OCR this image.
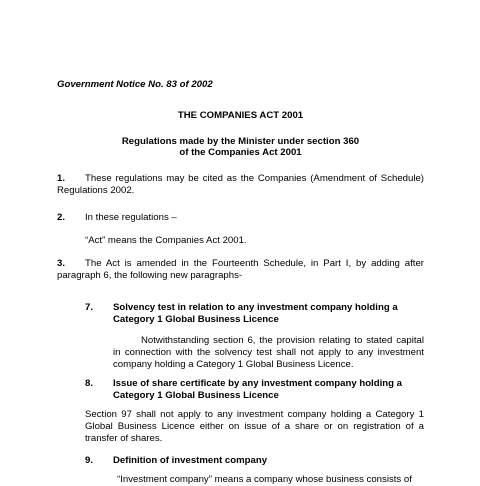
Government Notice No. 83 of 2002
THE COMPANIES ACT 2001
Regulations made by the Minister under section 360
of the Companies Act 2001
1. These regulations may be cited as the Companies (Amendment of Schedule) Regulations 2002.
2. In these regulations –
“Act” means the Companies Act 2001.
3. The Act is amended in the Fourteenth Schedule, in Part I, by adding after paragraph 6, the following new paragraphs-
7. Solvency test in relation to any investment company holding a
Category 1 Global Business Licence
Notwithstanding section 6, the provision relating to stated capital in connection with the solvency test shall not apply to any investment company holding a Category 1 Global Business Licence.
8. Issue of share certificate by any investment company holding a
Category 1 Global Business Licence
Section 97 shall not apply to any investment company holding a Category 1 Global Business Licence either on issue of a share or on registration of a transfer of shares.
9. Definition of investment company
“Investment company” means a company whose business consists of
